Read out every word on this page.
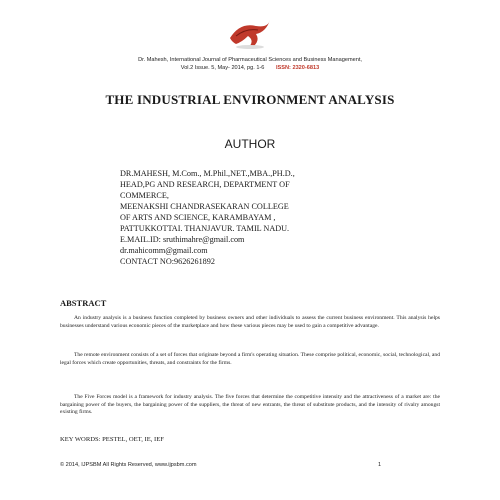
Dr. Mahesh, International Journal of Pharmaceutical Sciences and Business Management,
Vol.2 Issue. 5, May- 2014, pg. 1-6 ISSN: 2320-6813
THE INDUSTRIAL ENVIRONMENT ANALYSIS
AUTHOR
DR.MAHESH, M.Com., M.Phil.,NET.,MBA.,PH.D.,
HEAD,PG AND RESEARCH, DEPARTMENT OF
COMMERCE,
MEENAKSHI CHANDRASEKARAN COLLEGE
OF ARTS AND SCIENCE, KARAMBAYAM ,
PATTUKKOTTAI. THANJAVUR. TAMIL NADU.
E.MAIL.ID: sruthimahre@gmail.com
dr.mahicomm@gmail.com
CONTACT NO:9626261892
ABSTRACT
An industry analysis is a business function completed by business owners and other individuals to assess the current business environment. This analysis helps businesses understand various economic pieces of the marketplace and how these various pieces may be used to gain a competitive advantage.
The remote environment consists of a set of forces that originate beyond a firm's operating situation. These comprise political, economic, social, technological, and legal forces which create opportunities, threats, and constraints for the firms.
The Five Forces model is a framework for industry analysis. The five forces that determine the competitive intensity and the attractiveness of a market are: the bargaining power of the buyers, the bargaining power of the suppliers, the threat of new entrants, the threat of substitute products, and the intensity of rivalry amongst existing firms.
KEY WORDS: PESTEL, OET, IE, IEF
© 2014, IJPSBM All Rights Reserved, www.ijpsbm.com	1
